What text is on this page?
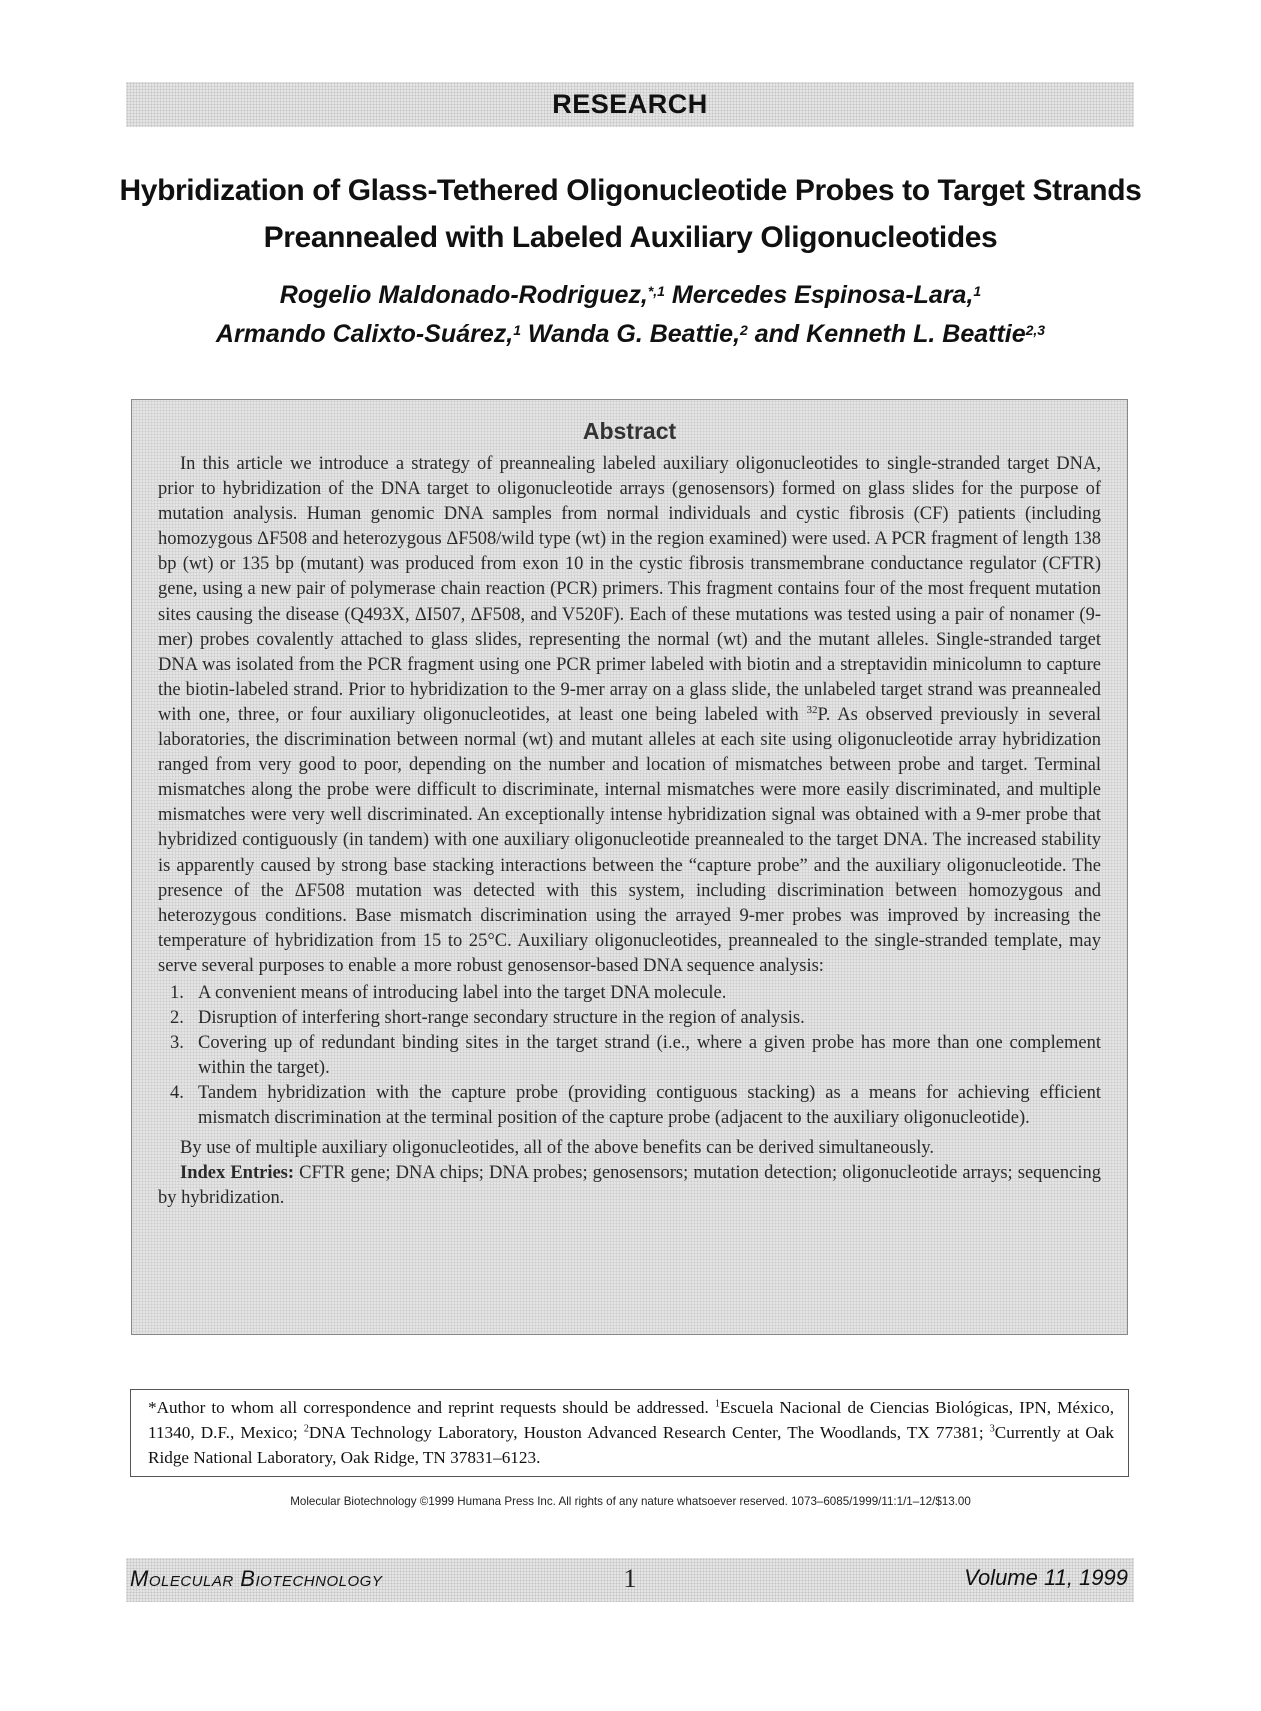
RESEARCH
Hybridization of Glass-Tethered Oligonucleotide Probes to Target Strands
Preannealed with Labeled Auxiliary Oligonucleotides
Rogelio Maldonado-Rodriguez,$^{*,1}$ Mercedes Espinosa-Lara,$^1$
Armando Calixto-Suárez,$^1$ Wanda G. Beattie,$^2$ and Kenneth L. Beattie$^{2,3}$
Abstract

In this article we introduce a strategy of preannealing labeled auxiliary oligonucleotides to single-stranded target DNA, prior to hybridization of the DNA target to oligonucleotide arrays (genosensors) formed on glass slides for the purpose of mutation analysis. Human genomic DNA samples from normal individuals and cystic fibrosis (CF) patients (including homozygous ΔF508 and heterozygous ΔF508/wild type (wt) in the region examined) were used. A PCR fragment of length 138 bp (wt) or 135 bp (mutant) was produced from exon 10 in the cystic fibrosis transmembrane conductance regulator (CFTR) gene, using a new pair of polymerase chain reaction (PCR) primers. This fragment contains four of the most frequent mutation sites causing the disease (Q493X, ΔI507, ΔF508, and V520F). Each of these mutations was tested using a pair of nonamer (9-mer) probes covalently attached to glass slides, representing the normal (wt) and the mutant alleles. Single-stranded target DNA was isolated from the PCR fragment using one PCR primer labeled with biotin and a streptavidin minicolumn to capture the biotin-labeled strand. Prior to hybridization to the 9-mer array on a glass slide, the unlabeled target strand was preannealed with one, three, or four auxiliary oligonucleotides, at least one being labeled with $^{32}$P. As observed previously in several laboratories, the discrimination between normal (wt) and mutant alleles at each site using oligonucleotide array hybridization ranged from very good to poor, depending on the number and location of mismatches between probe and target. Terminal mismatches along the probe were difficult to discriminate, internal mismatches were more easily discriminated, and multiple mismatches were very well discriminated. An exceptionally intense hybridization signal was obtained with a 9-mer probe that hybridized contiguously (in tandem) with one auxiliary oligonucleotide preannealed to the target DNA. The increased stability is apparently caused by strong base stacking interactions between the “capture probe” and the auxiliary oligonucleotide. The presence of the ΔF508 mutation was detected with this system, including discrimination between homozygous and heterozygous conditions. Base mismatch discrimination using the arrayed 9-mer probes was improved by increasing the temperature of hybridization from 15 to 25°C. Auxiliary oligonucleotides, preannealed to the single-stranded template, may serve several purposes to enable a more robust genosensor-based DNA sequence analysis:

1. A convenient means of introducing label into the target DNA molecule.
2. Disruption of interfering short-range secondary structure in the region of analysis.
3. Covering up of redundant binding sites in the target strand (i.e., where a given probe has more than one complement within the target).
4. Tandem hybridization with the capture probe (providing contiguous stacking) as a means for achieving efficient mismatch discrimination at the terminal position of the capture probe (adjacent to the auxiliary oligonucleotide).

By use of multiple auxiliary oligonucleotides, all of the above benefits can be derived simultaneously.

Index Entries: CFTR gene; DNA chips; DNA probes; genosensors; mutation detection; oligonucleotide arrays; sequencing by hybridization.

*Author to whom all correspondence and reprint requests should be addressed. $^1$Escuela Nacional de Ciencias Biológicas, IPN, México, 11340, D.F., Mexico; $^2$DNA Technology Laboratory, Houston Advanced Research Center, The Woodlands, TX 77381; $^3$Currently at Oak Ridge National Laboratory, Oak Ridge, TN 37831–6123.
Molecular Biotechnology ©1999 Humana Press Inc. All rights of any nature whatsoever reserved. 1073–6085/1999/11:1/1–12/$13.00
Molecular Biotechnology	1	Volume 11, 1999
